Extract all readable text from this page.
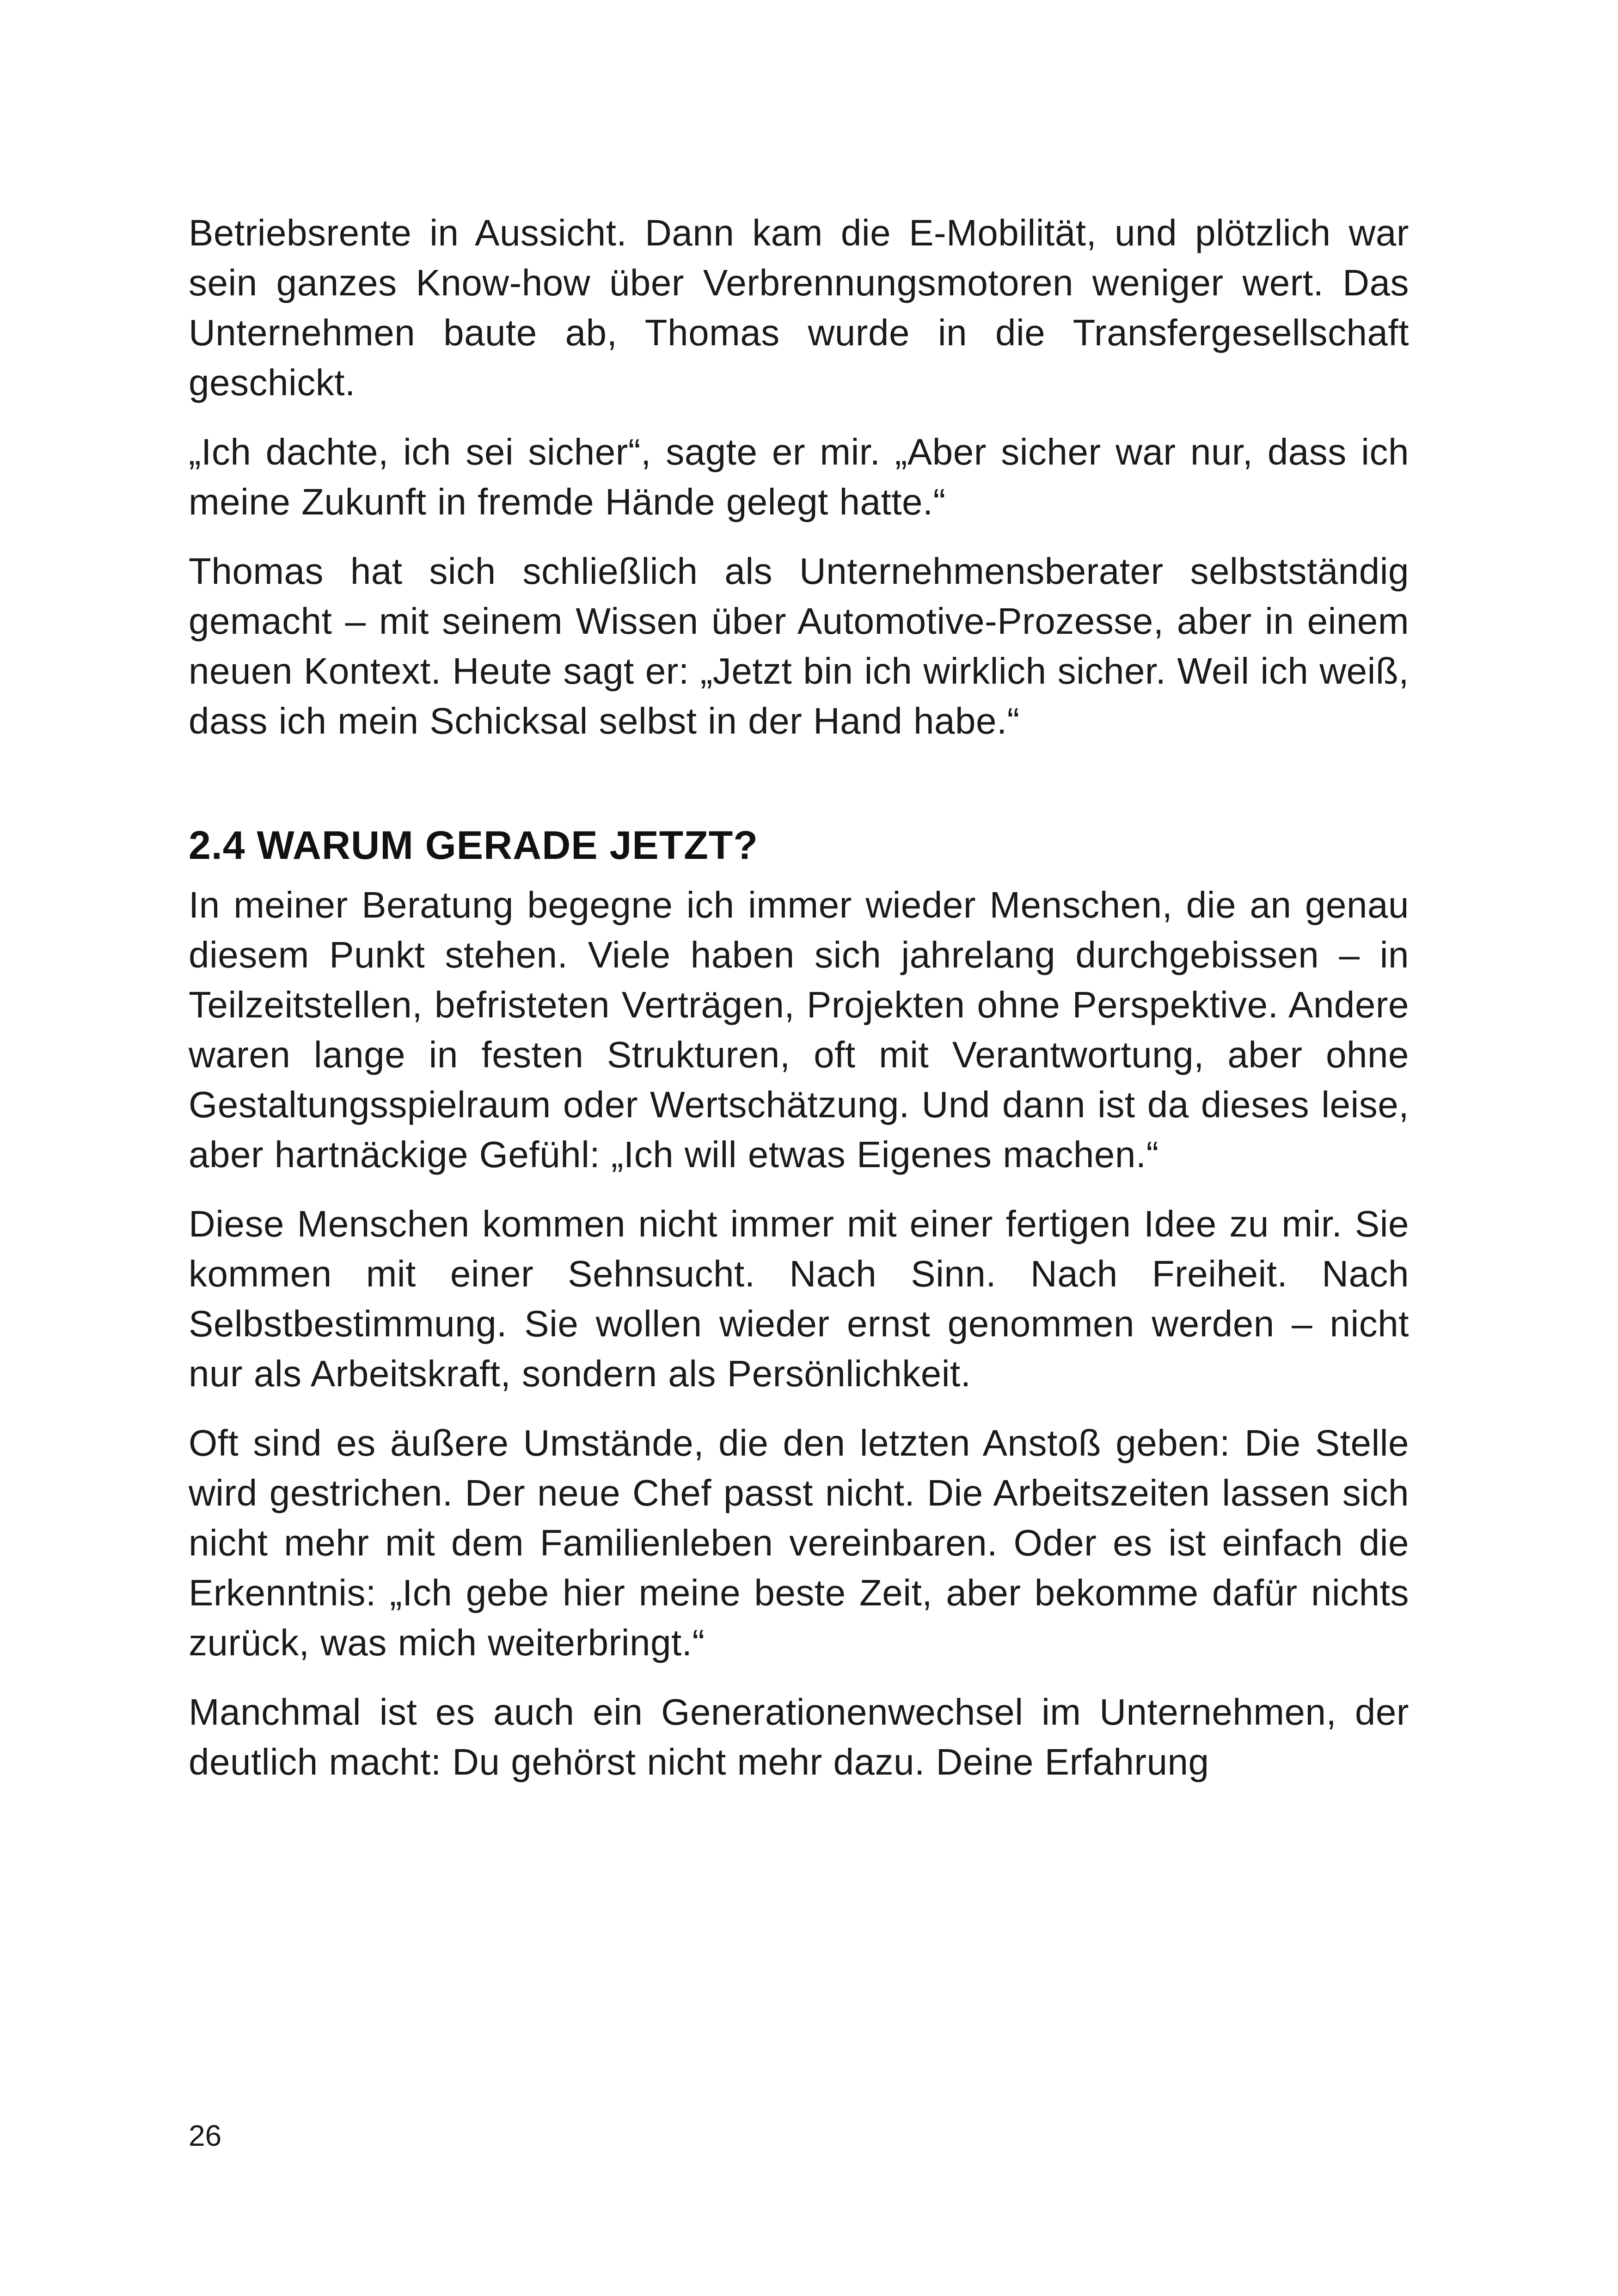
Betriebsrente in Aussicht. Dann kam die E-Mobilität, und plötzlich war sein ganzes Know-how über Verbrennungsmotoren weniger wert. Das Unternehmen baute ab, Thomas wurde in die Transfergesellschaft geschickt.

„Ich dachte, ich sei sicher“, sagte er mir. „Aber sicher war nur, dass ich meine Zukunft in fremde Hände gelegt hatte.“

Thomas hat sich schließlich als Unternehmensberater selbstständig gemacht – mit seinem Wissen über Automotive-Prozesse, aber in einem neuen Kontext. Heute sagt er: „Jetzt bin ich wirklich sicher. Weil ich weiß, dass ich mein Schicksal selbst in der Hand habe.“

2.4 WARUM GERADE JETZT?

In meiner Beratung begegne ich immer wieder Menschen, die an genau diesem Punkt stehen. Viele haben sich jahrelang durchgebissen – in Teilzeitstellen, befristeten Verträgen, Projekten ohne Perspektive. Andere waren lange in festen Strukturen, oft mit Verantwortung, aber ohne Gestaltungsspielraum oder Wertschätzung. Und dann ist da dieses leise, aber hartnäckige Gefühl: „Ich will etwas Eigenes machen.“

Diese Menschen kommen nicht immer mit einer fertigen Idee zu mir. Sie kommen mit einer Sehnsucht. Nach Sinn. Nach Freiheit. Nach Selbstbestimmung. Sie wollen wieder ernst genommen werden – nicht nur als Arbeitskraft, sondern als Persönlichkeit.

Oft sind es äußere Umstände, die den letzten Anstoß geben: Die Stelle wird gestrichen. Der neue Chef passt nicht. Die Arbeitszeiten lassen sich nicht mehr mit dem Familienleben vereinbaren. Oder es ist einfach die Erkenntnis: „Ich gebe hier meine beste Zeit, aber bekomme dafür nichts zurück, was mich weiterbringt.“

Manchmal ist es auch ein Generationenwechsel im Unternehmen, der deutlich macht: Du gehörst nicht mehr dazu. Deine Erfahrung

26
